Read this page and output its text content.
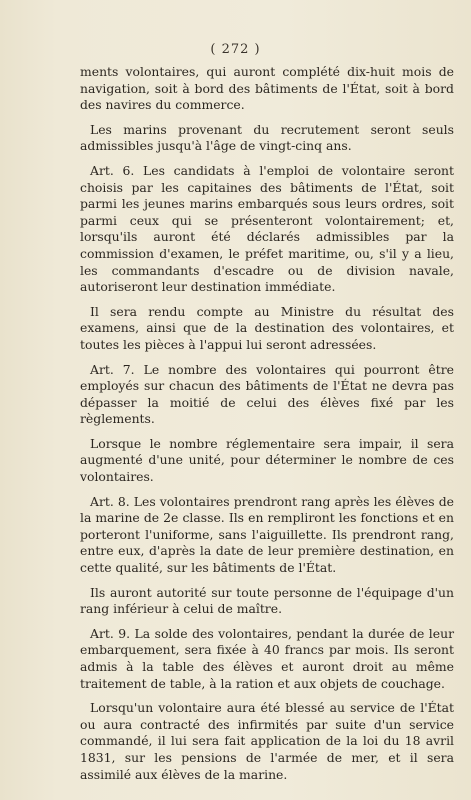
( 272 )

ments volontaires, qui auront complété dix-huit mois de navigation, soit à bord des bâtiments de l'État, soit à bord des navires du commerce.

Les marins provenant du recrutement seront seuls admissibles jusqu'à l'âge de vingt-cinq ans.

Art. 6. Les candidats à l'emploi de volontaire seront choisis par les capitaines des bâtiments de l'État, soit parmi les jeunes marins embarqués sous leurs ordres, soit parmi ceux qui se présenteront volontairement; et, lorsqu'ils auront été déclarés admissibles par la commission d'examen, le préfet maritime, ou, s'il y a lieu, les commandants d'escadre ou de division navale, autoriseront leur destination immédiate.

Il sera rendu compte au Ministre du résultat des examens, ainsi que de la destination des volontaires, et toutes les pièces à l'appui lui seront adressées.

Art. 7. Le nombre des volontaires qui pourront être employés sur chacun des bâtiments de l'État ne devra pas dépasser la moitié de celui des élèves fixé par les règlements.

Lorsque le nombre réglementaire sera impair, il sera augmenté d'une unité, pour déterminer le nombre de ces volontaires.

Art. 8. Les volontaires prendront rang après les élèves de la marine de 2e classe. Ils en rempliront les fonctions et en porteront l'uniforme, sans l'aiguillette. Ils prendront rang, entre eux, d'après la date de leur première destination, en cette qualité, sur les bâtiments de l'État.

Ils auront autorité sur toute personne de l'équipage d'un rang inférieur à celui de maître.

Art. 9. La solde des volontaires, pendant la durée de leur embarquement, sera fixée à 40 francs par mois. Ils seront admis à la table des élèves et auront droit au même traitement de table, à la ration et aux objets de couchage.

Lorsqu'un volontaire aura été blessé au service de l'État ou aura contracté des infirmités par suite d'un service commandé, il lui sera fait application de la loi du 18 avril 1831, sur les pensions de l'armée de mer, et il sera assimilé aux élèves de la marine.
